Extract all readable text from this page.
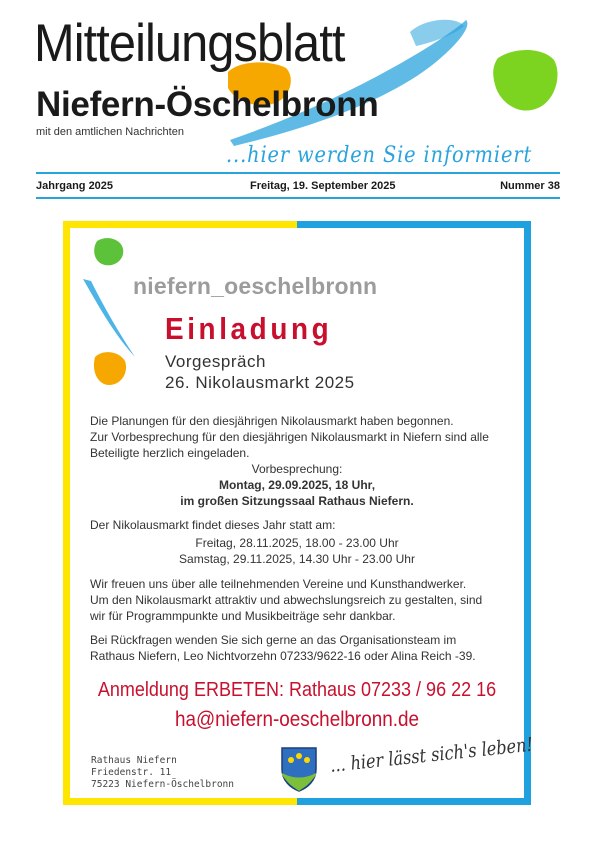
Mitteilungsblatt
Niefern-Öschelbronn
mit den amtlichen Nachrichten
...hier werden Sie informiert
Jahrgang 2025	Freitag, 19. September 2025	Nummer 38
niefern_oeschelbronn
Einladung
Vorgespräch
26. Nikolausmarkt 2025
Die Planungen für den diesjährigen Nikolausmarkt haben begonnen.
Zur Vorbesprechung für den diesjährigen Nikolausmarkt in Niefern sind alle
Beteiligte herzlich eingeladen.
Vorbesprechung:
Montag, 29.09.2025, 18 Uhr,
im großen Sitzungssaal Rathaus Niefern.
Der Nikolausmarkt findet dieses Jahr statt am:
Freitag, 28.11.2025, 18.00 - 23.00 Uhr
Samstag, 29.11.2025, 14.30 Uhr - 23.00 Uhr
Wir freuen uns über alle teilnehmenden Vereine und Kunsthandwerker.
Um den Nikolausmarkt attraktiv und abwechslungsreich zu gestalten, sind
wir für Programmpunkte und Musikbeiträge sehr dankbar.
Bei Rückfragen wenden Sie sich gerne an das Organisationsteam im
Rathaus Niefern, Leo Nichtvorzehn 07233/9622-16 oder Alina Reich -39.
Anmeldung ERBETEN: Rathaus 07233 / 96 22 16
ha@niefern-oeschelbronn.de
Rathaus Niefern
Friedenstr. 11
75223 Niefern-Öschelbronn
... hier lässt sich's leben!
